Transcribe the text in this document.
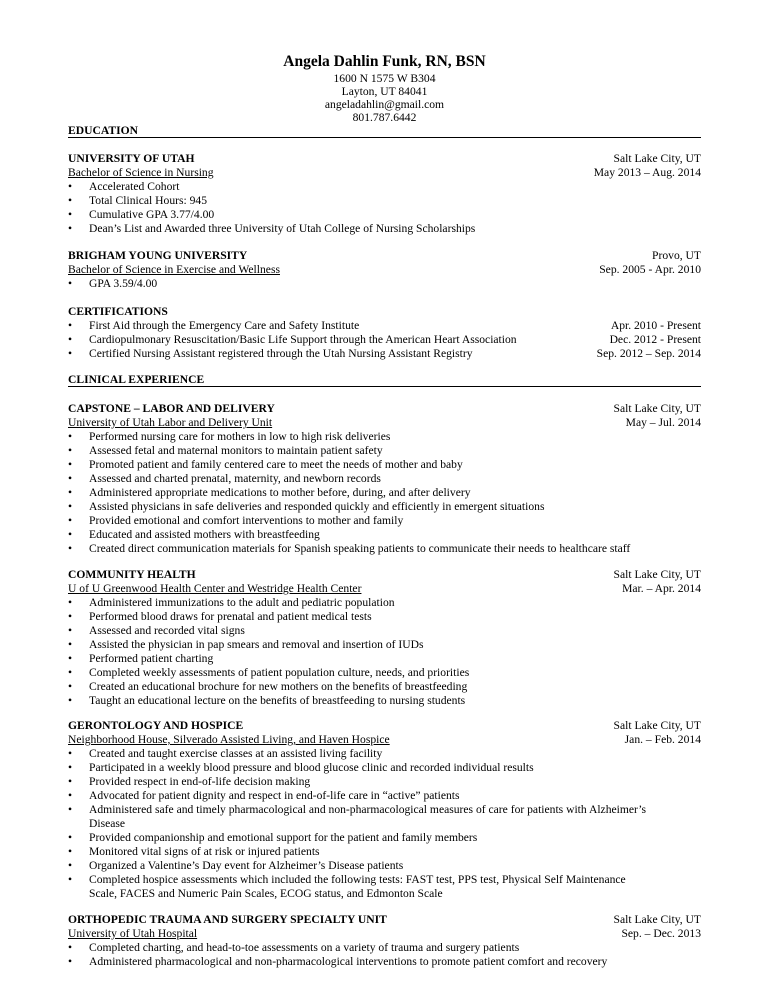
Angela Dahlin Funk, RN, BSN
1600 N 1575 W B304
Layton, UT 84041
angeladahlin@gmail.com
801.787.6442
EDUCATION
UNIVERSITY OF UTAH	Salt Lake City, UT
Bachelor of Science in Nursing	May 2013 – Aug. 2014
• Accelerated Cohort
• Total Clinical Hours: 945
• Cumulative GPA 3.77/4.00
• Dean’s List and Awarded three University of Utah College of Nursing Scholarships
BRIGHAM YOUNG UNIVERSITY	Provo, UT
Bachelor of Science in Exercise and Wellness	Sep. 2005 - Apr. 2010
• GPA 3.59/4.00
CERTIFICATIONS
• First Aid through the Emergency Care and Safety Institute	Apr. 2010 - Present
• Cardiopulmonary Resuscitation/Basic Life Support through the American Heart Association	Dec. 2012 - Present
• Certified Nursing Assistant registered through the Utah Nursing Assistant Registry	Sep. 2012 – Sep. 2014
CLINICAL EXPERIENCE
CAPSTONE – LABOR AND DELIVERY	Salt Lake City, UT
University of Utah Labor and Delivery Unit	May – Jul. 2014
• Performed nursing care for mothers in low to high risk deliveries
• Assessed fetal and maternal monitors to maintain patient safety
• Promoted patient and family centered care to meet the needs of mother and baby
• Assessed and charted prenatal, maternity, and newborn records
• Administered appropriate medications to mother before, during, and after delivery
• Assisted physicians in safe deliveries and responded quickly and efficiently in emergent situations
• Provided emotional and comfort interventions to mother and family
• Educated and assisted mothers with breastfeeding
• Created direct communication materials for Spanish speaking patients to communicate their needs to healthcare staff
COMMUNITY HEALTH	Salt Lake City, UT
U of U Greenwood Health Center and Westridge Health Center	Mar. – Apr. 2014
• Administered immunizations to the adult and pediatric population
• Performed blood draws for prenatal and patient medical tests
• Assessed and recorded vital signs
• Assisted the physician in pap smears and removal and insertion of IUDs
• Performed patient charting
• Completed weekly assessments of patient population culture, needs, and priorities
• Created an educational brochure for new mothers on the benefits of breastfeeding
• Taught an educational lecture on the benefits of breastfeeding to nursing students
GERONTOLOGY AND HOSPICE	Salt Lake City, UT
Neighborhood House, Silverado Assisted Living, and Haven Hospice	Jan. – Feb. 2014
• Created and taught exercise classes at an assisted living facility
• Participated in a weekly blood pressure and blood glucose clinic and recorded individual results
• Provided respect in end-of-life decision making
• Advocated for patient dignity and respect in end-of-life care in “active” patients
• Administered safe and timely pharmacological and non-pharmacological measures of care for patients with Alzheimer’s
Disease
• Provided companionship and emotional support for the patient and family members
• Monitored vital signs of at risk or injured patients
• Organized a Valentine’s Day event for Alzheimer’s Disease patients
• Completed hospice assessments which included the following tests: FAST test, PPS test, Physical Self Maintenance
Scale, FACES and Numeric Pain Scales, ECOG status, and Edmonton Scale
ORTHOPEDIC TRAUMA AND SURGERY SPECIALTY UNIT	Salt Lake City, UT
University of Utah Hospital	Sep. – Dec. 2013
• Completed charting, and head-to-toe assessments on a variety of trauma and surgery patients
• Administered pharmacological and non-pharmacological interventions to promote patient comfort and recovery
